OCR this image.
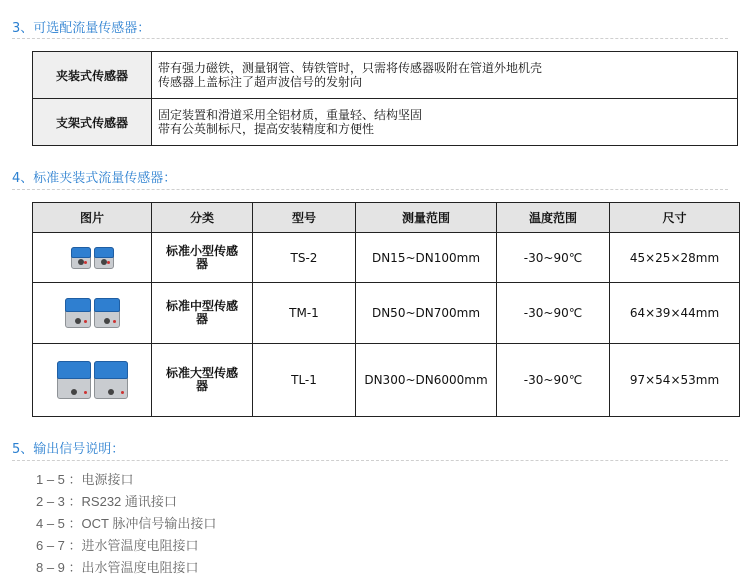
3、可选配流量传感器：
夹装式传感器	带有强力磁铁，测量钢管、铸铁管时，只需将传感器吸附在管道外地机壳
传感器上盖标注了超声波信号的发射向

支架式传感器	固定装置和滑道采用全铝材质，重量轻、结构坚固
带有公英制标尺，提高安装精度和方便性
4、标准夹装式流量传感器：
图片	分类	型号	测量范围	温度范围	尺寸

	标准小型传感器	TS-2	DN15~DN100mm	-30~90℃	45×25×28mm

	标准中型传感器	TM-1	DN50~DN700mm	-30~90℃	64×39×44mm

	标准大型传感器	TL-1	DN300~DN6000mm	-30~90℃	97×54×53mm
5、输出信号说明：
1 – 5 ：电源接口
2 – 3 ：RS232 通讯接口
4 – 5 ：OCT 脉冲信号输出接口
6 – 7 ：进水管温度电阻接口
8 – 9 ：出水管温度电阻接口
